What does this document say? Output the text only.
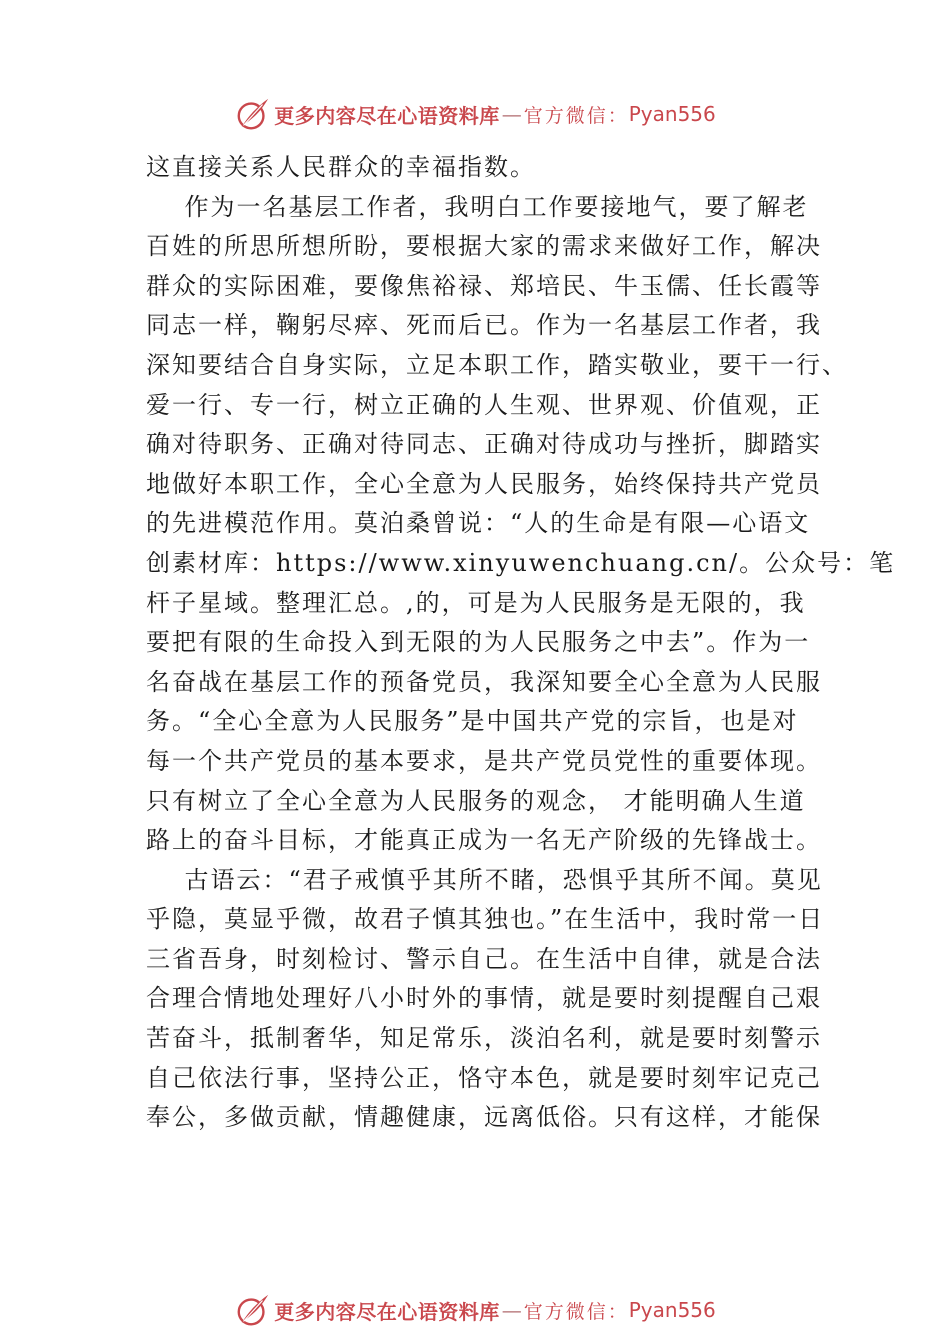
更多内容尽在心语资料库 — 官方微信： Pyan556
这直接关系人民群众的幸福指数。
作为一名基层工作者，我明白工作要接地气，要了解老
百姓的所思所想所盼，要根据大家的需求来做好工作，解决
群众的实际困难，要像焦裕禄、郑培民、牛玉儒、任长霞等
同志一样，鞠躬尽瘁、死而后已。作为一名基层工作者，我
深知要结合自身实际，立足本职工作，踏实敬业，要干一行、
爱一行、专一行，树立正确的人生观、世界观、价值观，正
确对待职务、正确对待同志、正确对待成功与挫折，脚踏实
地做好本职工作，全心全意为人民服务，始终保持共产党员
的先进模范作用。莫泊桑曾说：“人的生命是有限—心语文
创素材库：https://www.xinyuwenchuang.cn/。公众号：笔
杆子星域。整理汇总。,的，可是为人民服务是无限的，我
要把有限的生命投入到无限的为人民服务之中去”。作为一
名奋战在基层工作的预备党员，我深知要全心全意为人民服
务。“全心全意为人民服务”是中国共产党的宗旨，也是对
每一个共产党员的基本要求，是共产党员党性的重要体现。
只有树立了全心全意为人民服务的观念， 才能明确人生道
路上的奋斗目标，才能真正成为一名无产阶级的先锋战士。
古语云：“君子戒慎乎其所不睹，恐惧乎其所不闻。莫见
乎隐，莫显乎微，故君子慎其独也。”在生活中，我时常一日
三省吾身，时刻检讨、警示自己。在生活中自律，就是合法
合理合情地处理好八小时外的事情，就是要时刻提醒自己艰
苦奋斗，抵制奢华，知足常乐，淡泊名利，就是要时刻警示
自己依法行事，坚持公正，恪守本色，就是要时刻牢记克己
奉公，多做贡献，情趣健康，远离低俗。只有这样，才能保
更多内容尽在心语资料库 — 官方微信： Pyan556
